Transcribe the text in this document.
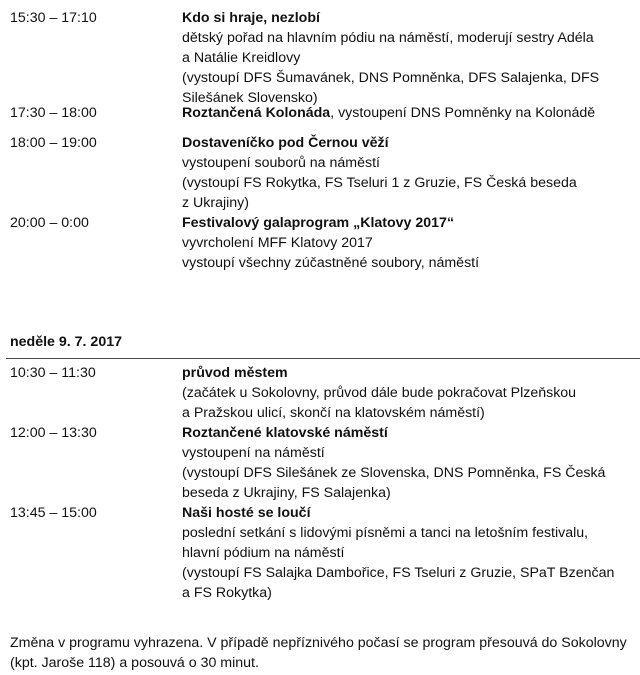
15:30 – 17:10	Kdo si hraje, nezlobí
dětský pořad na hlavním pódiu na náměstí, moderují sestry Adéla
a Natálie Kreidlovy
(vystoupí DFS Šumavánek, DNS Pomněnka, DFS Salajenka, DFS
Silešánek Slovensko)
17:30 – 18:00	Roztančená Kolonáda, vystoupení DNS Pomněnky na Kolonádě
18:00 – 19:00	Dostaveníčko pod Černou věží
vystoupení souborů na náměstí
(vystoupí FS Rokytka, FS Tseluri 1 z Gruzie, FS Česká beseda
z Ukrajiny)
20:00 – 0:00	Festivalový galaprogram „Klatovy 2017“
vyvrcholení MFF Klatovy 2017
vystoupí všechny zúčastněné soubory, náměstí
neděle 9. 7. 2017
10:30 – 11:30	průvod městem
(začátek u Sokolovny, průvod dále bude pokračovat Plzeňskou
a Pražskou ulicí, skončí na klatovském náměstí)
12:00 – 13:30	Roztančené klatovské náměstí
vystoupení na náměstí
(vystoupí DFS Silešánek ze Slovenska, DNS Pomněnka, FS Česká
beseda z Ukrajiny, FS Salajenka)
13:45 – 15:00	Naši hosté se loučí
poslední setkání s lidovými písněmi a tanci na letošním festivalu,
hlavní pódium na náměstí
(vystoupí FS Salajka Dambořice, FS Tseluri z Gruzie, SPaT Bzenčan
a FS Rokytka)
Změna v programu vyhrazena. V případě nepříznivého počasí se program přesouvá do Sokolovny
(kpt. Jaroše 118) a posouvá o 30 minut.
